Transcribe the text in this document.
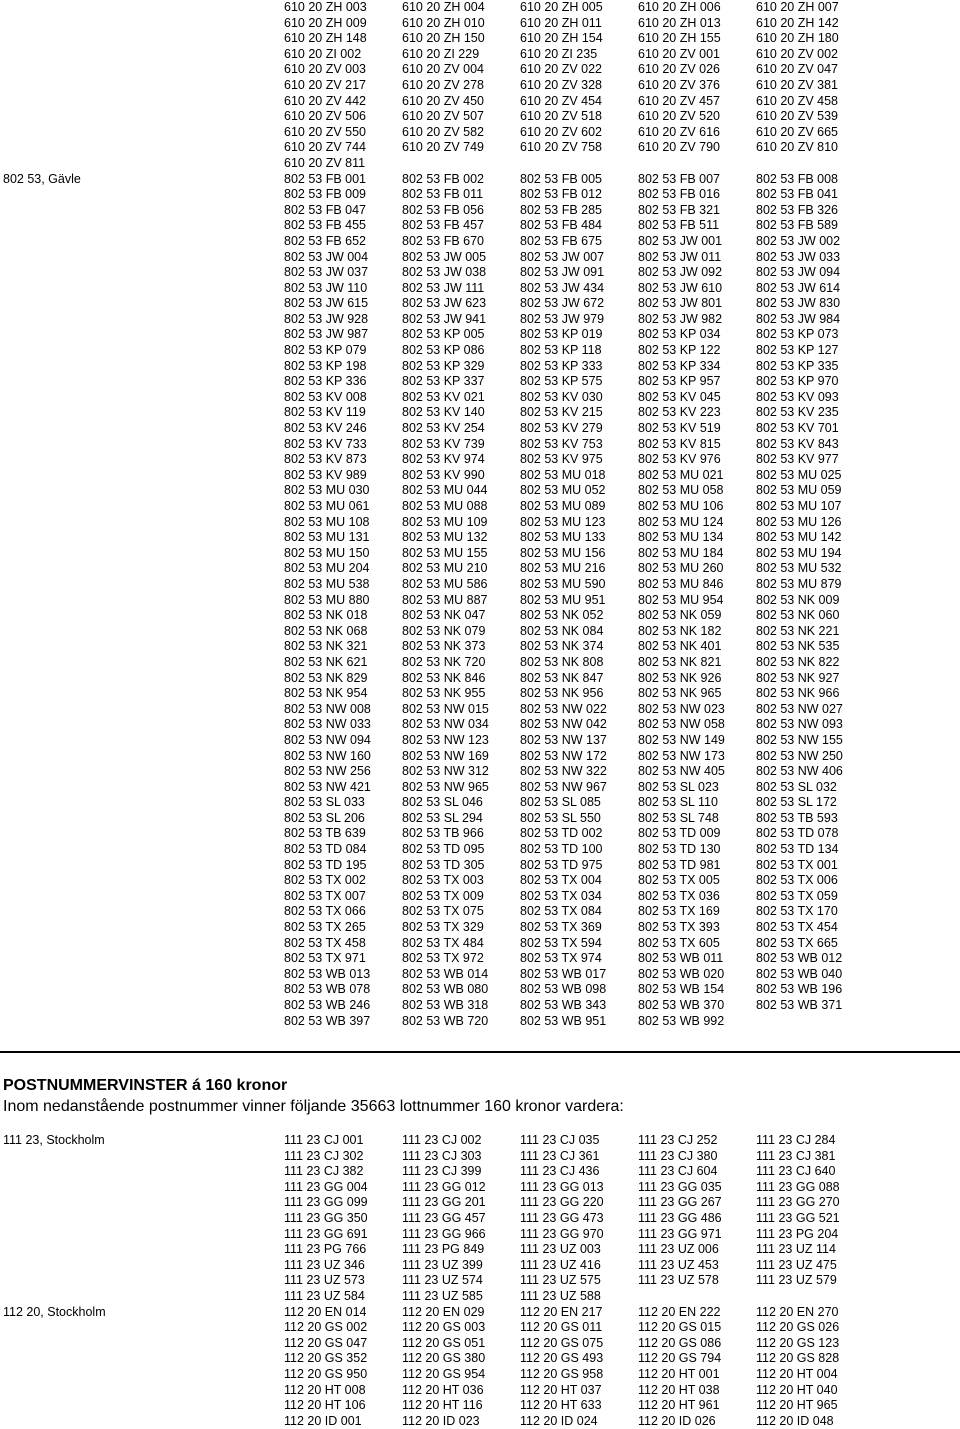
610 20 ZH 003	610 20 ZH 004	610 20 ZH 005	610 20 ZH 006	610 20 ZH 007
610 20 ZH 009	610 20 ZH 010	610 20 ZH 011	610 20 ZH 013	610 20 ZH 142
610 20 ZH 148	610 20 ZH 150	610 20 ZH 154	610 20 ZH 155	610 20 ZH 180
610 20 ZI 002	610 20 ZI 229	610 20 ZI 235	610 20 ZV 001	610 20 ZV 002
610 20 ZV 003	610 20 ZV 004	610 20 ZV 022	610 20 ZV 026	610 20 ZV 047
610 20 ZV 217	610 20 ZV 278	610 20 ZV 328	610 20 ZV 376	610 20 ZV 381
610 20 ZV 442	610 20 ZV 450	610 20 ZV 454	610 20 ZV 457	610 20 ZV 458
610 20 ZV 506	610 20 ZV 507	610 20 ZV 518	610 20 ZV 520	610 20 ZV 539
610 20 ZV 550	610 20 ZV 582	610 20 ZV 602	610 20 ZV 616	610 20 ZV 665
610 20 ZV 744	610 20 ZV 749	610 20 ZV 758	610 20 ZV 790	610 20 ZV 810
610 20 ZV 811
802 53, Gävle	802 53 FB 001	802 53 FB 002	802 53 FB 005	802 53 FB 007	802 53 FB 008
802 53 FB 009	802 53 FB 011	802 53 FB 012	802 53 FB 016	802 53 FB 041
802 53 FB 047	802 53 FB 056	802 53 FB 285	802 53 FB 321	802 53 FB 326
802 53 FB 455	802 53 FB 457	802 53 FB 484	802 53 FB 511	802 53 FB 589
802 53 FB 652	802 53 FB 670	802 53 FB 675	802 53 JW 001	802 53 JW 002
802 53 JW 004	802 53 JW 005	802 53 JW 007	802 53 JW 011	802 53 JW 033
802 53 JW 037	802 53 JW 038	802 53 JW 091	802 53 JW 092	802 53 JW 094
802 53 JW 110	802 53 JW 111	802 53 JW 434	802 53 JW 610	802 53 JW 614
802 53 JW 615	802 53 JW 623	802 53 JW 672	802 53 JW 801	802 53 JW 830
802 53 JW 928	802 53 JW 941	802 53 JW 979	802 53 JW 982	802 53 JW 984
802 53 JW 987	802 53 KP 005	802 53 KP 019	802 53 KP 034	802 53 KP 073
802 53 KP 079	802 53 KP 086	802 53 KP 118	802 53 KP 122	802 53 KP 127
802 53 KP 198	802 53 KP 329	802 53 KP 333	802 53 KP 334	802 53 KP 335
802 53 KP 336	802 53 KP 337	802 53 KP 575	802 53 KP 957	802 53 KP 970
802 53 KV 008	802 53 KV 021	802 53 KV 030	802 53 KV 045	802 53 KV 093
802 53 KV 119	802 53 KV 140	802 53 KV 215	802 53 KV 223	802 53 KV 235
802 53 KV 246	802 53 KV 254	802 53 KV 279	802 53 KV 519	802 53 KV 701
802 53 KV 733	802 53 KV 739	802 53 KV 753	802 53 KV 815	802 53 KV 843
802 53 KV 873	802 53 KV 974	802 53 KV 975	802 53 KV 976	802 53 KV 977
802 53 KV 989	802 53 KV 990	802 53 MU 018	802 53 MU 021	802 53 MU 025
802 53 MU 030	802 53 MU 044	802 53 MU 052	802 53 MU 058	802 53 MU 059
802 53 MU 061	802 53 MU 088	802 53 MU 089	802 53 MU 106	802 53 MU 107
802 53 MU 108	802 53 MU 109	802 53 MU 123	802 53 MU 124	802 53 MU 126
802 53 MU 131	802 53 MU 132	802 53 MU 133	802 53 MU 134	802 53 MU 142
802 53 MU 150	802 53 MU 155	802 53 MU 156	802 53 MU 184	802 53 MU 194
802 53 MU 204	802 53 MU 210	802 53 MU 216	802 53 MU 260	802 53 MU 532
802 53 MU 538	802 53 MU 586	802 53 MU 590	802 53 MU 846	802 53 MU 879
802 53 MU 880	802 53 MU 887	802 53 MU 951	802 53 MU 954	802 53 NK 009
802 53 NK 018	802 53 NK 047	802 53 NK 052	802 53 NK 059	802 53 NK 060
802 53 NK 068	802 53 NK 079	802 53 NK 084	802 53 NK 182	802 53 NK 221
802 53 NK 321	802 53 NK 373	802 53 NK 374	802 53 NK 401	802 53 NK 535
802 53 NK 621	802 53 NK 720	802 53 NK 808	802 53 NK 821	802 53 NK 822
802 53 NK 829	802 53 NK 846	802 53 NK 847	802 53 NK 926	802 53 NK 927
802 53 NK 954	802 53 NK 955	802 53 NK 956	802 53 NK 965	802 53 NK 966
802 53 NW 008	802 53 NW 015	802 53 NW 022	802 53 NW 023	802 53 NW 027
802 53 NW 033	802 53 NW 034	802 53 NW 042	802 53 NW 058	802 53 NW 093
802 53 NW 094	802 53 NW 123	802 53 NW 137	802 53 NW 149	802 53 NW 155
802 53 NW 160	802 53 NW 169	802 53 NW 172	802 53 NW 173	802 53 NW 250
802 53 NW 256	802 53 NW 312	802 53 NW 322	802 53 NW 405	802 53 NW 406
802 53 NW 421	802 53 NW 965	802 53 NW 967	802 53 SL 023	802 53 SL 032
802 53 SL 033	802 53 SL 046	802 53 SL 085	802 53 SL 110	802 53 SL 172
802 53 SL 206	802 53 SL 294	802 53 SL 550	802 53 SL 748	802 53 TB 593
802 53 TB 639	802 53 TB 966	802 53 TD 002	802 53 TD 009	802 53 TD 078
802 53 TD 084	802 53 TD 095	802 53 TD 100	802 53 TD 130	802 53 TD 134
802 53 TD 195	802 53 TD 305	802 53 TD 975	802 53 TD 981	802 53 TX 001
802 53 TX 002	802 53 TX 003	802 53 TX 004	802 53 TX 005	802 53 TX 006
802 53 TX 007	802 53 TX 009	802 53 TX 034	802 53 TX 036	802 53 TX 059
802 53 TX 066	802 53 TX 075	802 53 TX 084	802 53 TX 169	802 53 TX 170
802 53 TX 265	802 53 TX 329	802 53 TX 369	802 53 TX 393	802 53 TX 454
802 53 TX 458	802 53 TX 484	802 53 TX 594	802 53 TX 605	802 53 TX 665
802 53 TX 971	802 53 TX 972	802 53 TX 974	802 53 WB 011	802 53 WB 012
802 53 WB 013	802 53 WB 014	802 53 WB 017	802 53 WB 020	802 53 WB 040
802 53 WB 078	802 53 WB 080	802 53 WB 098	802 53 WB 154	802 53 WB 196
802 53 WB 246	802 53 WB 318	802 53 WB 343	802 53 WB 370	802 53 WB 371
802 53 WB 397	802 53 WB 720	802 53 WB 951	802 53 WB 992
POSTNUMMERVINSTER á 160 kronor
Inom nedanstående postnummer vinner följande 35663 lottnummer 160 kronor vardera:
111 23, Stockholm	111 23 CJ 001	111 23 CJ 002	111 23 CJ 035	111 23 CJ 252	111 23 CJ 284
111 23 CJ 302	111 23 CJ 303	111 23 CJ 361	111 23 CJ 380	111 23 CJ 381
111 23 CJ 382	111 23 CJ 399	111 23 CJ 436	111 23 CJ 604	111 23 CJ 640
111 23 GG 004	111 23 GG 012	111 23 GG 013	111 23 GG 035	111 23 GG 088
111 23 GG 099	111 23 GG 201	111 23 GG 220	111 23 GG 267	111 23 GG 270
111 23 GG 350	111 23 GG 457	111 23 GG 473	111 23 GG 486	111 23 GG 521
111 23 GG 691	111 23 GG 966	111 23 GG 970	111 23 GG 971	111 23 PG 204
111 23 PG 766	111 23 PG 849	111 23 UZ 003	111 23 UZ 006	111 23 UZ 114
111 23 UZ 346	111 23 UZ 399	111 23 UZ 416	111 23 UZ 453	111 23 UZ 475
111 23 UZ 573	111 23 UZ 574	111 23 UZ 575	111 23 UZ 578	111 23 UZ 579
111 23 UZ 584	111 23 UZ 585	111 23 UZ 588
112 20, Stockholm	112 20 EN 014	112 20 EN 029	112 20 EN 217	112 20 EN 222	112 20 EN 270
112 20 GS 002	112 20 GS 003	112 20 GS 011	112 20 GS 015	112 20 GS 026
112 20 GS 047	112 20 GS 051	112 20 GS 075	112 20 GS 086	112 20 GS 123
112 20 GS 352	112 20 GS 380	112 20 GS 493	112 20 GS 794	112 20 GS 828
112 20 GS 950	112 20 GS 954	112 20 GS 958	112 20 HT 001	112 20 HT 004
112 20 HT 008	112 20 HT 036	112 20 HT 037	112 20 HT 038	112 20 HT 040
112 20 HT 106	112 20 HT 116	112 20 HT 633	112 20 HT 961	112 20 HT 965
112 20 ID 001	112 20 ID 023	112 20 ID 024	112 20 ID 026	112 20 ID 048
